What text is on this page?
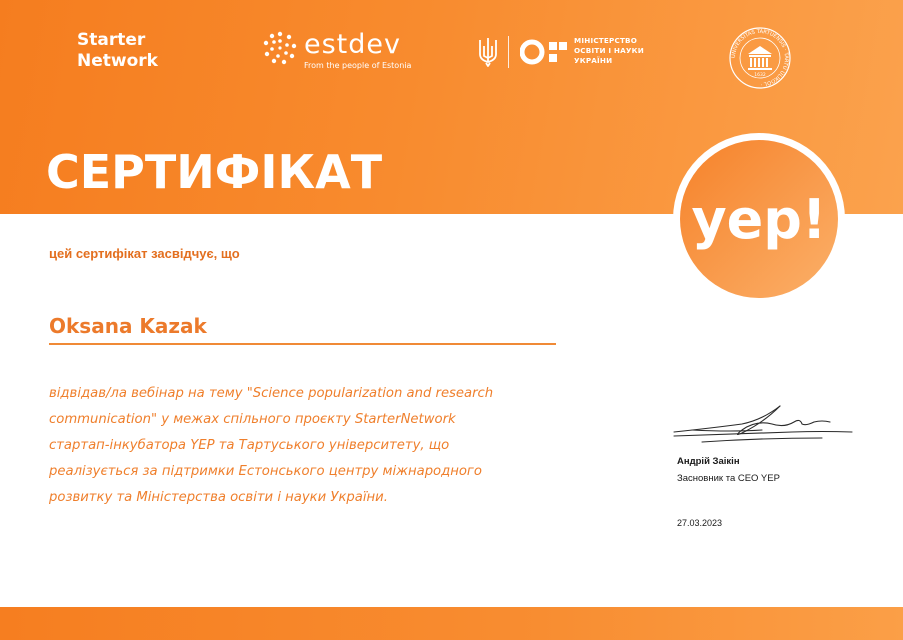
Starter
Network
estdev
From the people of Estonia
МІНІСТЕРСТВО
ОСВІТИ І НАУКИ
УКРАЇНИ	UNIVERSITAS TARTUENSIS · TARTU ÜLIKOOL ·
1632
СЕРТИФІКАТ
yep!
цей сертифікат засвідчує, що
Oksana Kazak
відвідав/ла вебінар на тему "Science popularization and research
communication" у межах спільного проєкту StarterNetwork
стартап-інкубатора YEP та Тартуського університету, що
реалізується за підтримки Естонського центру міжнародного
розвитку та Міністерства освіти і науки України.
Андрій Заікін
Засновник та CEO YEP
27.03.2023
